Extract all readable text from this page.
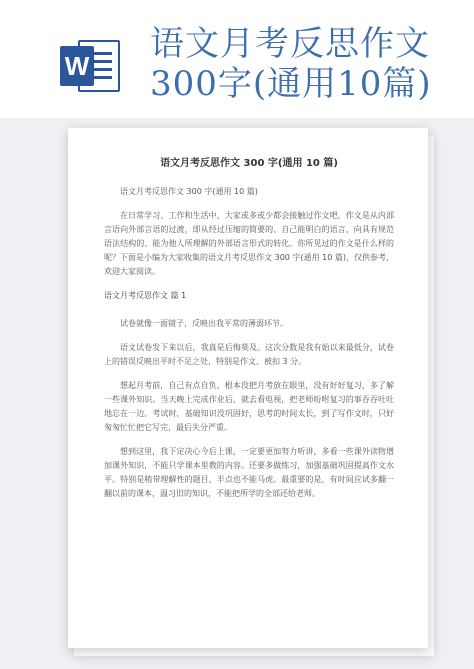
W
语文月考反思作文300字(通用10篇)
语文月考反思作文 300 字(通用 10 篇)

语文月考反思作文 300 字(通用 10 篇)

在日常学习、工作和生活中，大家或多或少都会接触过作文吧，作文是从内部言语向外部言语的过渡，即从经过压缩的简要的、自己能明白的语言，向具有规范语法结构的、能为他人所理解的外部语言形式的转化。你所见过的作文是什么样的呢？下面是小编为大家收集的语文月考反思作文 300 字(通用 10 篇)，仅供参考，欢迎大家阅读。

语文月考反思作文 篇 1

试卷就像一面镜子，反映出我平常的薄弱环节。

语文试卷发下来以后，我真是后悔莫及。这次分数是我有始以来最低分，试卷上的错误反映出平时不足之处，特别是作文、被扣 3 分。

想起月考前，自己有点自负，根本没把月考放在眼里，没有好好复习，多了解一些课外知识。当天晚上完成作业后，就去看电视，把老师吩咐复习的事吞吞吐吐地忘在一边。考试时，基础知识没巩固好，思考的时间太长，到了写作文时，只好匆匆忙忙把它写完，最后失分严重。

想到这里，我下定决心今后上课，一定要更加努力听讲，多看一些课外读物增加课外知识，不能只学课本里教的内容。还要多做练习，加强基础巩固提高作文水平。特别是稍带理解性的题目，半点也不能马虎。最重要的是，有时间应试多翻一翻以前的课本，温习旧的知识，不能把所学的全部还给老师。
